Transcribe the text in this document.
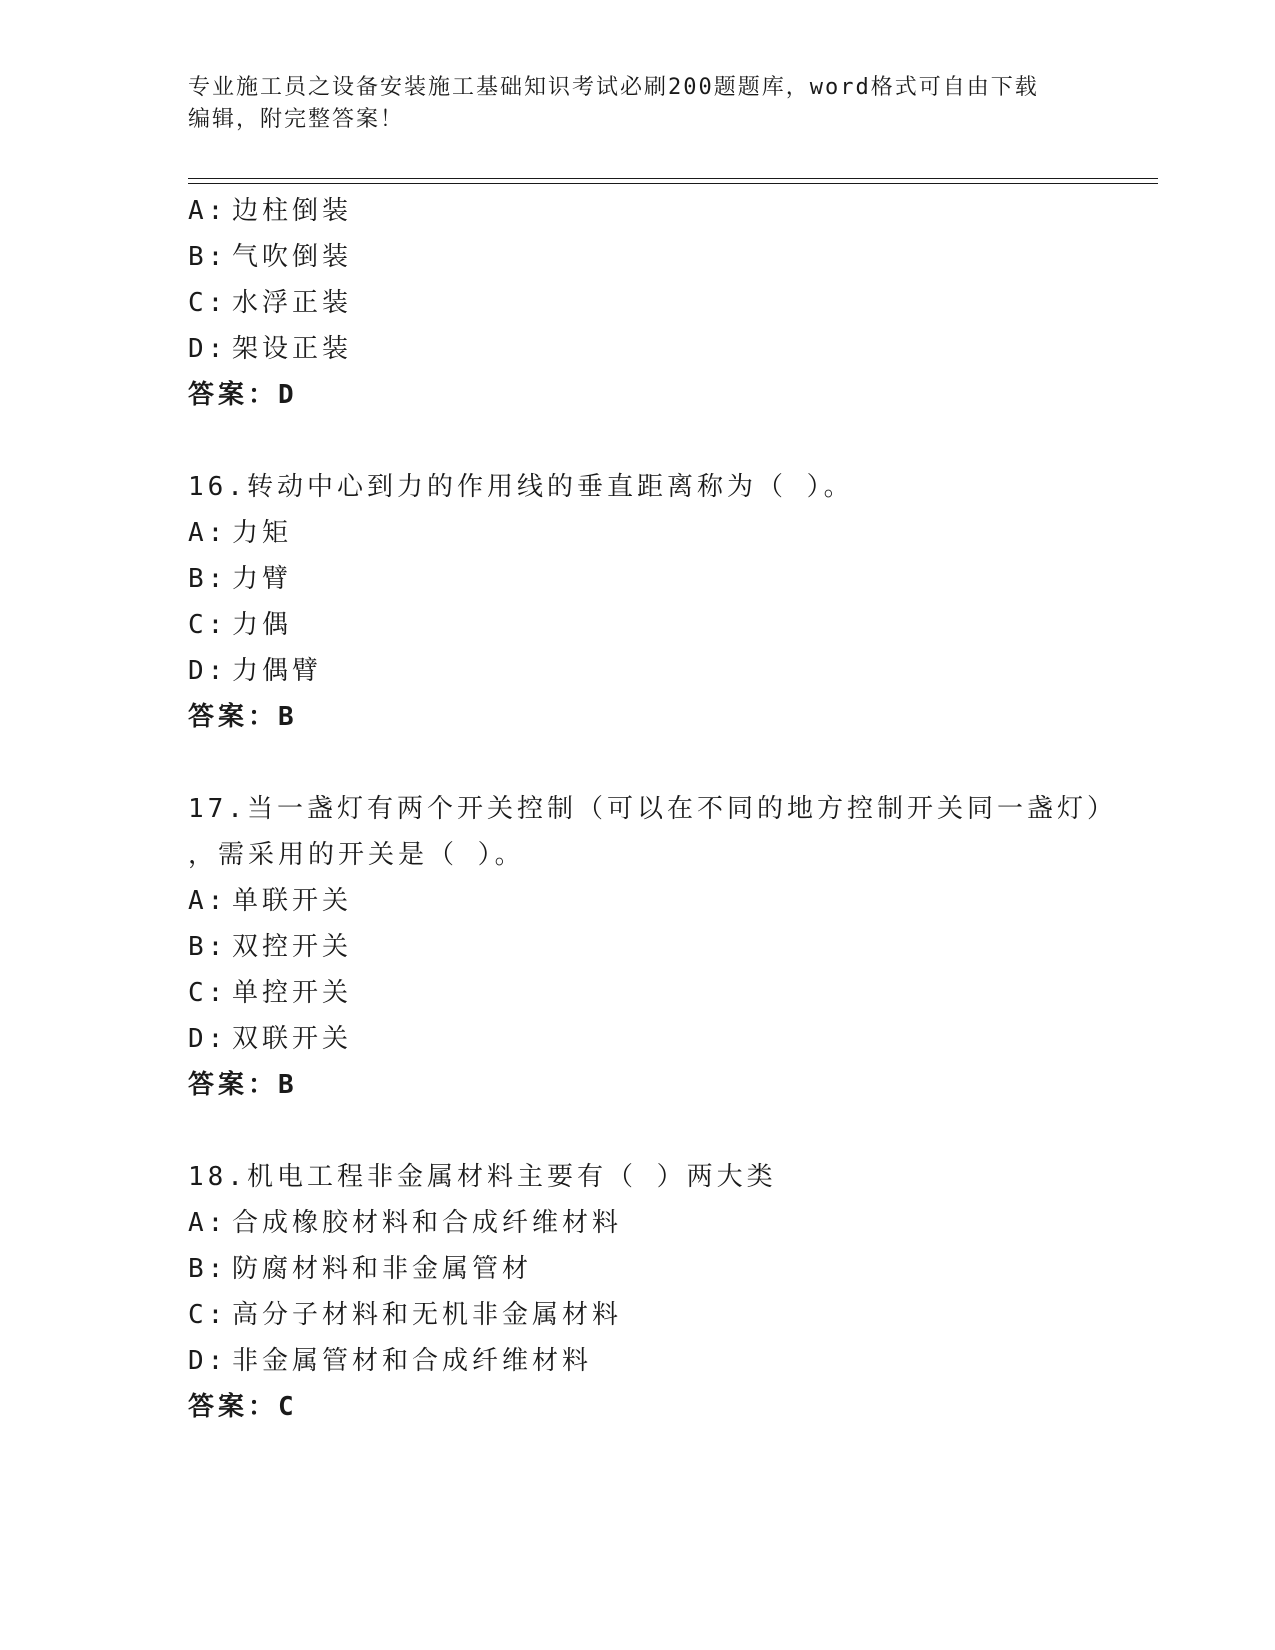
专业施工员之设备安装施工基础知识考试必刷200题题库，word格式可自由下载
编辑，附完整答案！
A: 边柱倒装
B: 气吹倒装
C: 水浮正装
D: 架设正装
答案：D
16.转动中心到力的作用线的垂直距离称为（ ）。
A: 力矩
B: 力臂
C: 力偶
D: 力偶臂
答案：B
17.当一盏灯有两个开关控制（可以在不同的地方控制开关同一盏灯）
，需采用的开关是（ ）。
A: 单联开关
B: 双控开关
C: 单控开关
D: 双联开关
答案：B
18.机电工程非金属材料主要有（ ）两大类
A: 合成橡胶材料和合成纤维材料
B: 防腐材料和非金属管材
C: 高分子材料和无机非金属材料
D: 非金属管材和合成纤维材料
答案：C
